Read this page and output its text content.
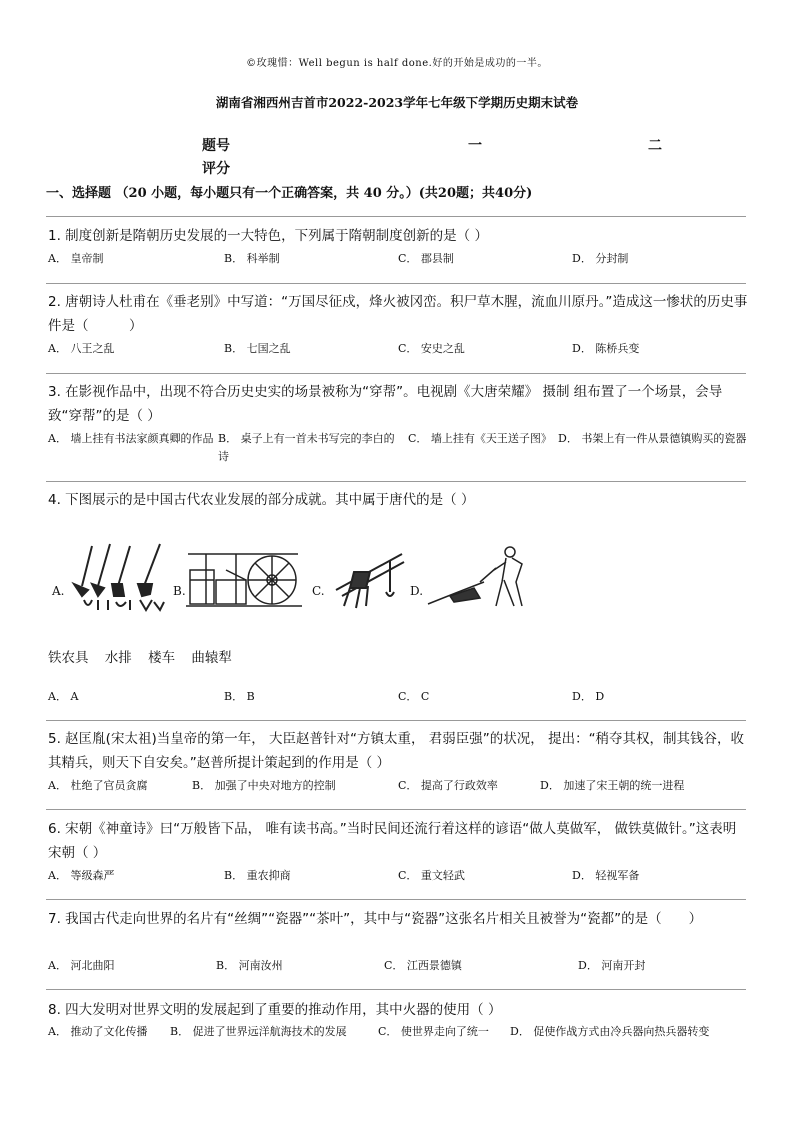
©玫瑰惜：Well begun is half done.好的开始是成功的一半。
湖南省湘西州吉首市2022-2023学年七年级下学期历史期末试卷
题号	一	二
评分
一、选择题 （20 小题，每小题只有一个正确答案，共 40 分。）(共20题；共40分)
1. 制度创新是隋朝历史发展的一大特色，下列属于隋朝制度创新的是（ ）
A． 皇帝制	B． 科举制	C． 郡县制	D． 分封制
2. 唐朝诗人杜甫在《垂老别》中写道：“万国尽征戍，烽火被冈峦。积尸草木腥，流血川原丹。”造成这一惨状的历史事件是（　　　）
A． 八王之乱	B． 七国之乱	C． 安史之乱	D． 陈桥兵变
3. 在影视作品中，出现不符合历史史实的场景被称为“穿帮”。电视剧《大唐荣耀》 摄制 组布置了一个场景，会导致“穿帮”的是（ ）
A． 墙上挂有书法家颜真卿的作品 B． 桌子上有一首未书写完的李白的诗
C． 墙上挂有《天王送子图》 D． 书架上有一件从景德镇购买的瓷器
4. 下图展示的是中国古代农业发展的部分成就。其中属于唐代的是（ ）
A.	B.	C.	D.
铁农具 水排 楼车 曲辕犁
A． A	B． B	C． C	D． D
5. 赵匡胤(宋太祖)当皇帝的第一年， 大臣赵普针对“方镇太重， 君弱臣强”的状况， 提出：“稍夺其权，制其钱谷，收其精兵，则天下自安矣。”赵普所提计策起到的作用是（ ）
A． 杜绝了官员贪腐	B． 加强了中央对地方的控制	C． 提高了行政效率	D． 加速了宋王朝的统一进程
6. 宋朝《神童诗》曰“万般皆下品， 唯有读书高。”当时民间还流行着这样的谚语“做人莫做军， 做铁莫做针。”这表明宋朝（ ）
A． 等级森严	B． 重农抑商	C． 重文轻武	D． 轻视军备
7. 我国古代走向世界的名片有“丝绸”“瓷器”“茶叶”，其中与“瓷器”这张名片相关且被誉为“瓷都”的是（　　）
A． 河北曲阳	B． 河南汝州	C． 江西景德镇	D． 河南开封
8. 四大发明对世界文明的发展起到了重要的推动作用，其中火器的使用（ ）
A． 推动了文化传播	B． 促进了世界远洋航海技术的发展	C． 使世界走向了统一	D． 促使作战方式由冷兵器向热兵器转变
